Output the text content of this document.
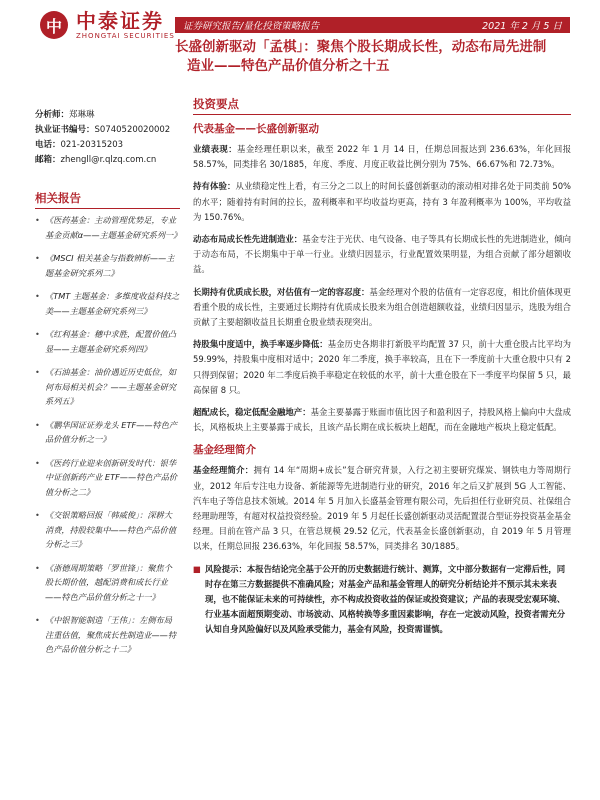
中 中泰证券
ZHONGTAI SECURITIES
证券研究报告/量化投资策略报告	2021 年 2 月 5 日
长盛创新驱动「孟棋」：聚焦个股长期成长性，动态布局先进制
造业——特色产品价值分析之十五
分析师： 郑琳琳
执业证书编号： S0740520020002
电话： 021-20315203
邮箱： zhengll@r.qlzq.com.cn
相关报告
• 《医药基金：主动管理优势足，专业基金贡献α——主题基金研究系列一》
• 《MSCI 相关基金与指数辨析——主题基金研究系列二》
• 《TMT 主题基金：多维度收益科技之美——主题基金研究系列三》
• 《红利基金：穗中求胜，配置价值凸显——主题基金研究系列四》
• 《石油基金：油价遇近历史低位，如何布局相关机会？——主题基金研究系列五》
• 《鹏华国证证券龙头 ETF——特色产品价值分析之一》
• 《医药行业迎来创新研发时代：银华中证创新药产业 ETF——特色产品价值分析之二》
• 《交银策略回报「韩威俊」：深耕大消费，持股较集中——特色产品价值分析之三》
• 《浙德周期策略「罗世锋」：聚焦个股长期价值，越配消费和成长行业——特色产品价值分析之十一》
• 《中银智能制造「王伟」：左侧布局注重估值，聚焦成长性制造业——特色产品价值分析之十二》
投资要点
代表基金——长盛创新驱动

业绩表现：基金经理任职以来，截至 2022 年 1 月 14 日，任期总回报达到 236.63%，年化回报 58.57%，同类排名 30/1885，年度、季度、月度正收益比例分别为 75%、66.67%和 72.73%。

持有体验：从业绩稳定性上看，有三分之二以上的时间长盛创新驱动的滚动相对排名处于同类前 50%的水平；随着持有时间的拉长，盈利概率和平均收益均更高，持有 3 年盈利概率为 100%，平均收益为 150.76%。

动态布局成长性先进制造业：基金专注于光伏、电气设备、电子等具有长期成长性的先进制造业，倾向于动态布局，不长期集中于单一行业。业绩归因显示，行业配置效果明显，为组合贡献了部分超额收益。

长期持有优质成长股，对估值有一定的容忍度：基金经理对个股的估值有一定容忍度，相比价值体现更看重个股的成长性，主要通过长期持有优质成长股来为组合创造超额收益，业绩归因显示，选股为组合贡献了主要超额收益且长期重仓股业绩表现突出。

持股集中度适中，换手率逐步降低：基金历史各期非打新股平均配置 37 只，前十大重仓股占比平均为 59.99%，持股集中度相对适中；2020 年二季度，换手率较高，且在下一季度前十大重仓股中只有 2 只得到保留；2020 年二季度后换手率稳定在较低的水平，前十大重仓股在下一季度平均保留 5 只，最高保留 8 只。

超配成长，稳定低配金融地产：基金主要暴露于账面市值比因子和盈利因子，持股风格上偏向中大盘成长，风格板块上主要暴露于成长，且该产品长期在成长板块上超配，而在金融地产板块上稳定低配。

基金经理简介

基金经理简介：拥有 14 年“周期+成长”复合研究背景，入行之初主要研究煤炭、钢铁电力等周期行业，2012 年后专注电力设备、新能源等先进制造行业的研究，2016 年之后又扩展到 5G 人工智能、汽车电子等信息技术领域。2014 年 5 月加入长盛基金管理有限公司，先后担任行业研究员、社保组合经理助理等，有超对权益投资经验。2019 年 5 月起任长盛创新驱动灵活配置混合型证券投资基金基金经理。目前在管产品 3 只，在管总规模 29.52 亿元，代表基金长盛创新驱动，自 2019 年 5 月管理以来，任期总回报 236.63%，年化回报 58.57%，同类排名 30/1885。

■ 风险提示：本报告结论完全基于公开的历史数据进行统计、测算，文中部分数据有一定滞后性，同时存在第三方数据提供不准确风险；对基金产品和基金管理人的研究分析结论并不预示其未来表现，也不能保证未来的可持续性，亦不构成投资收益的保证或投资建议；产品的表现受宏观环境、行业基本面超预期变动、市场波动、风格转换等多重因素影响，存在一定波动风险，投资者需充分认知自身风险偏好以及风险承受能力，基金有风险，投资需谨慎。
